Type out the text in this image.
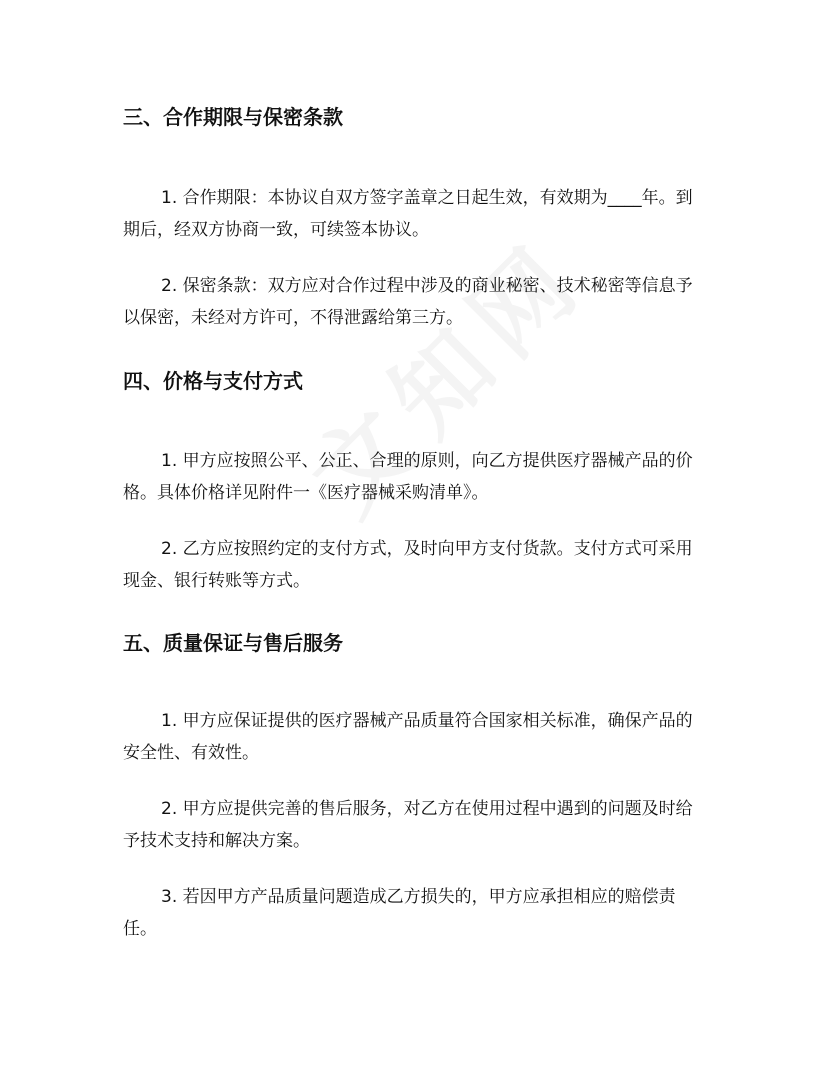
三、合作期限与保密条款

1. 合作期限：本协议自双方签字盖章之日起生效，有效期为____年。到期后，经双方协商一致，可续签本协议。

2. 保密条款：双方应对合作过程中涉及的商业秘密、技术秘密等信息予以保密，未经对方许可，不得泄露给第三方。

四、价格与支付方式

1. 甲方应按照公平、公正、合理的原则，向乙方提供医疗器械产品的价格。具体价格详见附件一《医疗器械采购清单》。

2. 乙方应按照约定的支付方式，及时向甲方支付货款。支付方式可采用现金、银行转账等方式。

五、质量保证与售后服务

1. 甲方应保证提供的医疗器械产品质量符合国家相关标准，确保产品的安全性、有效性。

2. 甲方应提供完善的售后服务，对乙方在使用过程中遇到的问题及时给予技术支持和解决方案。

3. 若因甲方产品质量问题造成乙方损失的，甲方应承担相应的赔偿责任。
